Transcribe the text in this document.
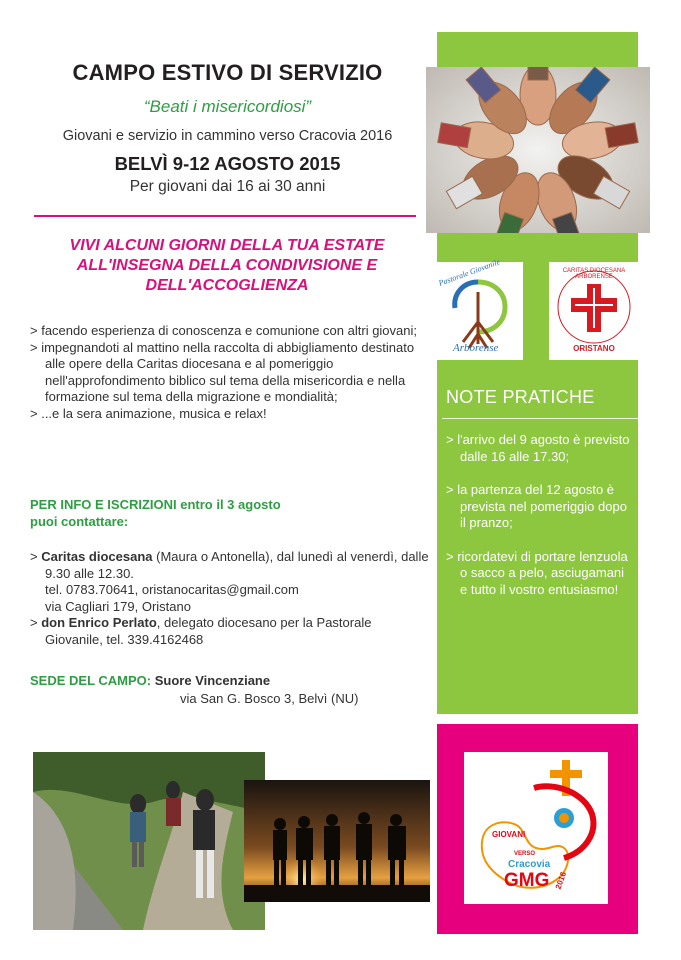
Pastorale Giovanile
Arborense
CARITAS DIOCESANA ARBORENSE
ORISTANO
CAMPO ESTIVO DI SERVIZIO
“Beati i misericordiosi”
Giovani e servizio in cammino verso Cracovia 2016
BELVÌ 9-12 AGOSTO 2015
Per giovani dai 16 ai 30 anni
VIVI ALCUNI GIORNI DELLA TUA ESTATE
ALL'INSEGNA DELLA CONDIVISIONE E
DELL'ACCOGLIENZA
> facendo esperienza di conoscenza e comunione con altri giovani;
> impegnandoti al mattino nella raccolta di abbigliamento destinato alle opere della Caritas diocesana e al pomeriggio nell'approfondimento biblico sul tema della misericordia e nella formazione sul tema della migrazione e mondialità;
> ...e la sera animazione, musica e relax!
PER INFO E ISCRIZIONI entro il 3 agosto
puoi contattare:
> Caritas diocesana (Maura o Antonella), dal lunedì al venerdì, dalle 9.30 alle 12.30.
tel. 0783.70641, oristanocaritas@gmail.com
via Cagliari 179, Oristano
> don Enrico Perlato, delegato diocesano per la Pastorale Giovanile, tel. 339.4162468
SEDE DEL CAMPO: Suore Vincenziane
via San G. Bosco 3, Belvì (NU)
NOTE PRATICHE
> l'arrivo del 9 agosto è previsto dalle 16 alle 17.30;
> la partenza del 12 agosto è prevista nel pomeriggio dopo il pranzo;
> ricordatevi di portare lenzuola o sacco a pelo, asciugamani e tutto il vostro entusiasmo!
GIOVANI
VERSO
Cracovia
GMG 2016
